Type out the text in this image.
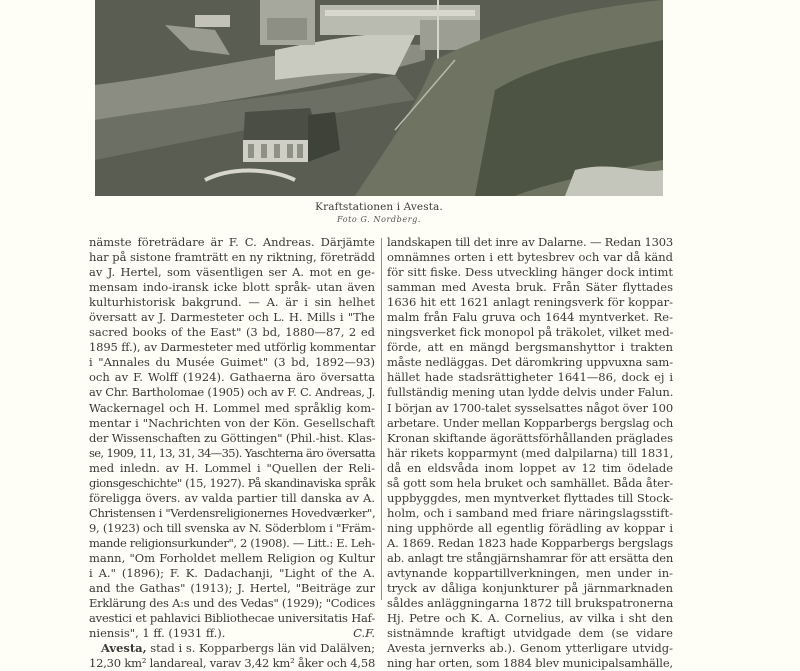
Kraftstationen i Avesta.
Foto G. Nordberg.
nämste företrädare är F. C. Andreas. Därjämte
har på sistone framträtt en ny riktning, företrädd
av J. Hertel, som väsentligen ser A. mot en ge-
mensam indo-iransk icke blott språk- utan även
kulturhistorisk bakgrund. — A. är i sin helhet
översatt av J. Darmesteter och L. H. Mills i "The
sacred books of the East" (3 bd, 1880—87, 2 ed
1895 ff.), av Darmesteter med utförlig kommentar
i "Annales du Musée Guimet" (3 bd, 1892—93)
och av F. Wolff (1924). Gathaerna äro översatta
av Chr. Bartholomae (1905) och av F. C. Andreas, J.
Wackernagel och H. Lommel med språklig kom-
mentar i "Nachrichten von der Kön. Gesellschaft
der Wissenschaften zu Göttingen" (Phil.-hist. Klas-
se, 1909, 11, 13, 31, 34—35). Yaschterna äro översatta
med inledn. av H. Lommel i "Quellen der Reli-
gionsgeschichte" (15, 1927). På skandinaviska språk
föreligga övers. av valda partier till danska av A.
Christensen i "Verdensreligionernes Hovedværker",
9, (1923) och till svenska av N. Söderblom i "Främ-
mande religionsurkunder", 2 (1908). — Litt.: E. Leh-
mann, "Om Forholdet mellem Religion og Kultur
i A." (1896); F. K. Dadachanji, "Light of the A.
and the Gathas" (1913); J. Hertel, "Beiträge zur
Erklärung des A:s und des Vedas" (1929); "Codices
avestici et pahlavici Bibliothecae universitatis Haf-
niensis", 1 ff. (1931 ff.).	C.F.
Avesta, stad i s. Kopparbergs län vid Dalälven;
12,30 km² landareal, varav 3,42 km² åker och 4,58
landskapen till det inre av Dalarne. — Redan 1303
omnämnes orten i ett bytesbrev och var då känd
för sitt fiske. Dess utveckling hänger dock intimt
samman med Avesta bruk. Från Säter flyttades
1636 hit ett 1621 anlagt reningsverk för koppar-
malm från Falu gruva och 1644 myntverket. Re-
ningsverket fick monopol på träkolet, vilket med-
förde, att en mängd bergsmanshyttor i trakten
måste nedläggas. Det däromkring uppvuxna sam-
hället hade stadsrättigheter 1641—86, dock ej i
fullständig mening utan lydde delvis under Falun.
I början av 1700-talet sysselsattes något över 100
arbetare. Under mellan Kopparbergs bergslag och
Kronan skiftande ägorättsförhållanden präglades
här rikets kopparmynt (med dalpilarna) till 1831,
då en eldsvåda inom loppet av 12 tim ödelade
så gott som hela bruket och samhället. Båda åter-
uppbyggdes, men myntverket flyttades till Stock-
holm, och i samband med friare näringslagsstift-
ning upphörde all egentlig förädling av koppar i
A. 1869. Redan 1823 hade Kopparbergs bergslags
ab. anlagt tre stångjärnshamrar för att ersätta den
avtynande koppartillverkningen, men under in-
tryck av dåliga konjunkturer på järnmarknaden
såldes anläggningarna 1872 till brukspatronerna
Hj. Petre och K. A. Cornelius, av vilka i sht den
sistnämnde kraftigt utvidgade dem (se vidare
Avesta jernverks ab.). Genom ytterligare utvidg-
ning har orten, som 1884 blev municipalsamhälle,
